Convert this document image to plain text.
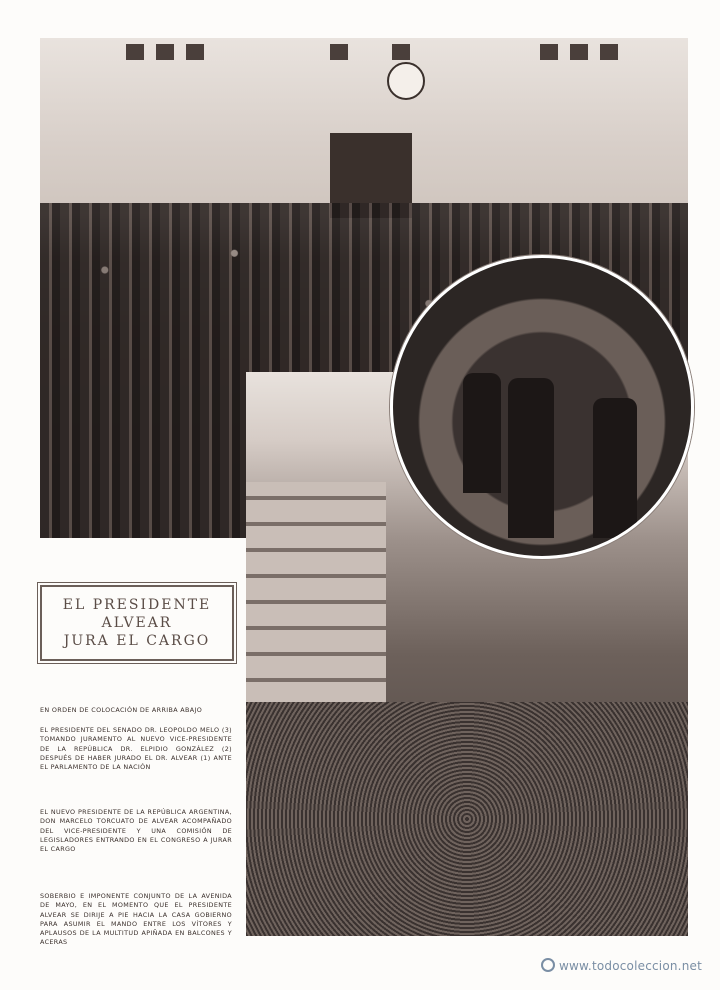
EL PRESIDENTE
ALVEAR
JURA EL CARGO
EN ORDEN DE COLOCACIÓN DE ARRIBA ABAJO
EL PRESIDENTE DEL SENADO DR. LEOPOLDO MELO (3) TOMANDO JURAMENTO AL NUEVO VICE-PRESIDENTE DE LA REPÚBLICA DR. ELPIDIO GONZÁLEZ (2) DESPUÉS DE HABER JURADO EL DR. ALVEAR (1) ANTE EL PARLAMENTO DE LA NACIÓN
EL NUEVO PRESIDENTE DE LA REPÚBLICA ARGENTINA, DON MARCELO TORCUATO DE ALVEAR ACOMPAÑADO DEL VICE-PRESIDENTE Y UNA COMISIÓN DE LEGISLADORES ENTRANDO EN EL CONGRESO A JURAR EL CARGO
SOBERBIO E IMPONENTE CONJUNTO DE LA AVENIDA DE MAYO, EN EL MOMENTO QUE EL PRESIDENTE ALVEAR SE DIRIJE A PIE HACIA LA CASA GOBIERNO PARA ASUMIR EL MANDO ENTRE LOS VÍTORES Y APLAUSOS DE LA MULTITUD APIÑADA EN BALCONES Y ACERAS
www.todocoleccion.net
